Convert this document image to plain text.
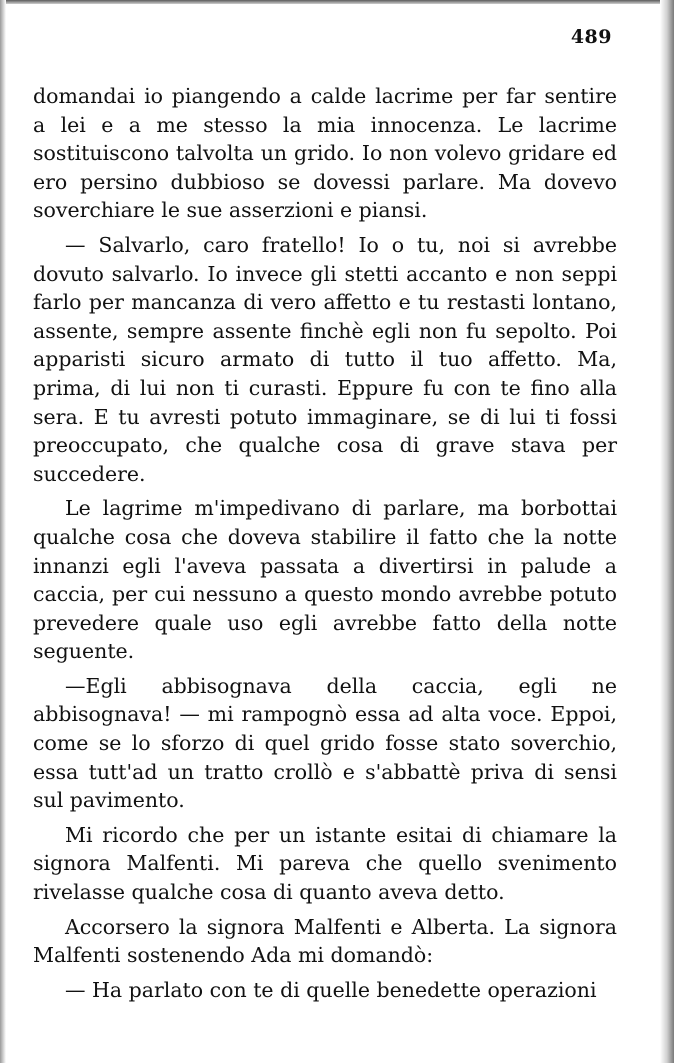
489

domandai io piangendo a calde lacrime per far sentire a lei e a me stesso la mia innocenza. Le lacrime sostituiscono talvolta un grido. Io non volevo gridare ed ero persino dubbioso se dovessi parlare. Ma dovevo soverchiare le sue asserzioni e piansi.

— Salvarlo, caro fratello! Io o tu, noi si avrebbe dovuto salvarlo. Io invece gli stetti accanto e non seppi farlo per mancanza di vero affetto e tu restasti lontano, assente, sempre assente finchè egli non fu sepolto. Poi apparisti sicuro armato di tutto il tuo affetto. Ma, prima, di lui non ti curasti. Eppure fu con te fino alla sera. E tu avresti potuto immaginare, se di lui ti fossi preoccupato, che qualche cosa di grave stava per succedere.

Le lagrime m'impedivano di parlare, ma borbottai qualche cosa che doveva stabilire il fatto che la notte innanzi egli l'aveva passata a divertirsi in palude a caccia, per cui nessuno a questo mondo avrebbe potuto prevedere quale uso egli avrebbe fatto della notte seguente.

—Egli abbisognava della caccia, egli ne abbisognava! — mi rampognò essa ad alta voce. Eppoi, come se lo sforzo di quel grido fosse stato soverchio, essa tutt'ad un tratto crollò e s'abbattè priva di sensi sul pavimento.

Mi ricordo che per un istante esitai di chiamare la signora Malfenti. Mi pareva che quello svenimento rivelasse qualche cosa di quanto aveva detto.

Accorsero la signora Malfenti e Alberta. La signora Malfenti sostenendo Ada mi domandò:

— Ha parlato con te di quelle benedette operazioni
